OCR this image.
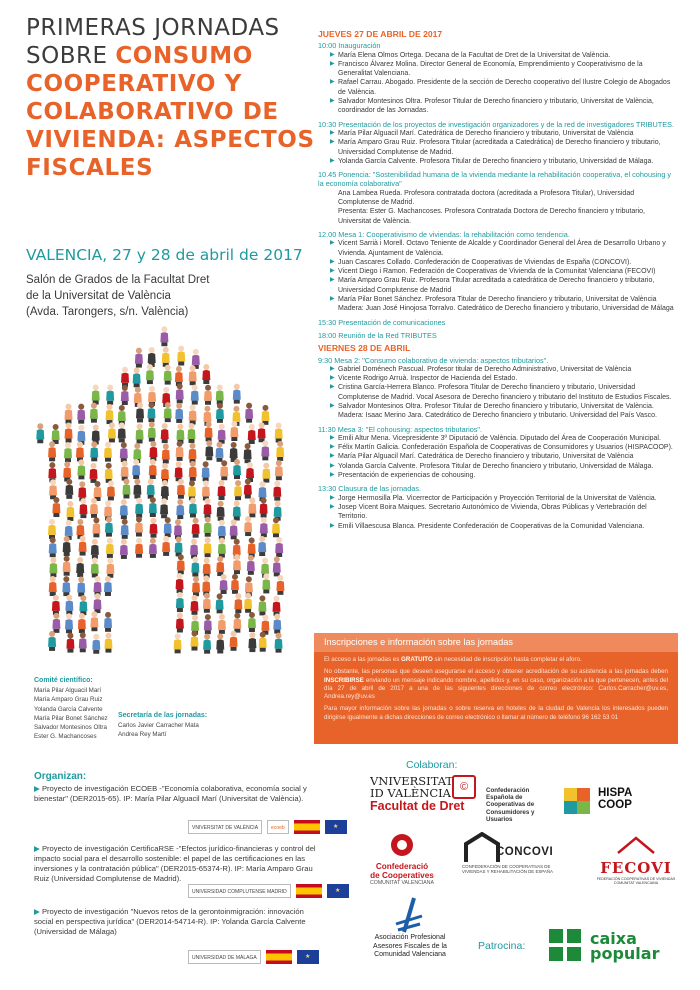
PRIMERAS JORNADAS
SOBRE CONSUMO
COOPERATIVO Y
COLABORATIVO DE
VIVIENDA: ASPECTOS
FISCALES
VALENCIA, 27 y 28 de abril de 2017
Salón de Grados de la Facultat Dret
de la Universitat de València
(Avda. Tarongers, s/n. València)
Comité científico:
María Pilar Alguacil Marí
María Amparo Grau Ruiz
Yolanda García Calvente
María Pilar Bonet Sánchez
Salvador Montesinos Oltra
Ester G. Machancoses
Secretaría de las jornadas:
Carlos Javier Carracher Mata
Andrea Rey Martí
Organizan:
▶ Proyecto de investigación ECOEB -"Economía colaborativa, economía social y bienestar" (DER2015-65). IP: María Pilar Alguacil Marí (Universitat de València).
VNIVERSITAT DE VALÈNCIA	ecoeb	★
▶ Proyecto de investigación CertificaRSE -"Efectos jurídico-financieras y control del impacto social para el desarrollo sostenible: el papel de las certificaciones en las inversiones y la contratación pública" (DER2015-65374-R). IP: María Amparo Grau Ruiz (Universidad Complutense de Madrid).
UNIVERSIDAD COMPLUTENSE MADRID	★
▶ Proyecto de investigación "Nuevos retos de la gerontoinmigración: innovación social en perspectiva jurídica" (DER2014-54714-R). IP: Yolanda García Calvente (Universidad de Málaga)
UNIVERSIDAD DE MÁLAGA	★
JUEVES 27 DE ABRIL DE 2017
10:00 Inauguración
▶ María Elena Olmos Ortega. Decana de la Facultat de Dret de la Universitat de València.
▶ Francisco Álvarez Molina. Director General de Economía, Emprendimiento y Cooperativismo de la Generalitat Valenciana.
▶ Rafael Carrau. Abogado. Presidente de la sección de Derecho cooperativo del Ilustre Colegio de Abogados de València.
▶ Salvador Montesinos Oltra. Profesor Titular de Derecho financiero y tributario, Universitat de València, coordinador de las Jornadas.
10:30 Presentación de los proyectos de investigación organizadores y de la red de investigadores TRIBUTES.
▶ María Pilar Alguacil Marí. Catedrática de Derecho financiero y tributario, Universitat de València
▶ María Amparo Grau Ruiz. Profesora Titular (acreditada a Catedrática) de Derecho financiero y tributario, Universidad Complutense de Madrid.
▶ Yolanda García Calvente. Profesora Titular de Derecho financiero y tributario, Universidad de Málaga.
10.45 Ponencia: "Sostenibilidad humana de la vivienda mediante la rehabilitación cooperativa, el cohousing y la economía colaborativa"
Ana Lambea Rueda. Profesora contratada doctora (acreditada a Profesora Titular), Universidad Complutense de Madrid.
Presenta: Ester G. Machancoses. Profesora Contratada Doctora de Derecho financiero y tributario, Universitat de València.
12.00 Mesa 1: Cooperativismo de viviendas: la rehabilitación como tendencia.
▶ Vicent Sarrià i Morell. Octavo Teniente de Alcalde y Coordinador General del Área de Desarrollo Urbano y Vivienda. Ajuntament de València.
▶ Juan Cascares Collado. Confederación de Cooperativas de Viviendas de España (CONCOVI).
▶ Vicent Diego i Ramon. Federación de Cooperativas de Vivienda de la Comunitat Valenciana (FECOVI)
▶ María Amparo Grau Ruiz. Profesora Titular acreditada a catedrática de Derecho financiero y tributario, Universidad Complutense de Madrid
▶ María Pilar Bonet Sánchez. Profesora Titular de Derecho financiero y tributario, Universitat de València
Madera: Juan José Hinojosa Torralvo. Catedrático de Derecho financiero y tributario, Universidad de Málaga
15:30 Presentación de comunicaciones
18:00 Reunión de la Red TRIBUTES
VIERNES 28 DE ABRIL
9:30 Mesa 2: "Consumo colaborativo de vivienda: aspectos tributarios".
▶ Gabriel Doménech Pascual. Profesor titular de Derecho Administrativo, Universitat de València
▶ Vicente Rodrigo Arruà. Inspector de Hacienda del Estado.
▶ Cristina García-Herrera Blanco. Profesora Titular de Derecho financiero y tributario, Universidad Complutense de Madrid. Vocal Asesora de Derecho financiero y tributario del Instituto de Estudios Fiscales.
▶ Salvador Montesinos Oltra. Profesor Titular de Derecho financiero y tributario, Universitat de València.
Madera: Isaac Merino Jara. Catedrático de Derecho financiero y tributario. Universidad del País Vasco.
11:30 Mesa 3: "El cohousing: aspectos tributarios".
▶ Emili Altur Mena. Vicepresidente 3º Diputació de València. Diputado del Área de Cooperación Municipal.
▶ Félix Martín Galicia. Confederación Española de Cooperativas de Consumidores y Usuarios (HISPACOOP).
▶ María Pilar Alguacil Marí. Catedrática de Derecho financiero y tributario, Universitat de València
▶ Yolanda García Calvente. Profesora Titular de Derecho financiero y tributario, Universidad de Málaga.
▶ Presentación de experiencias de cohousing.
13:30 Clausura de las jornadas.
▶ Jorge Hermosilla Pla. Vicerrector de Participación y Proyección Territorial de la Universitat de València.
▶ Josep Vicent Boira Maiques. Secretario Autonómico de Vivienda, Obras Públicas y Vertebración del Territorio.
▶ Emili Villaescusa Blanca. Presidente Confederación de Cooperativas de la Comunidad Valenciana.
Inscripciones e información sobre las jornadas

El acceso a las jornadas es GRATUITO sin necesidad de inscripción hasta completar el aforo.

No obstante, las personas que deseen asegurarse el acceso y obtener acreditación de su asistencia a las jornadas deben INSCRIBIRSE enviando un mensaje indicando nombre, apellidos y, en su caso, organización a la que pertenecen, antes del día 27 de abril de 2017 a una de las siguientes direcciones de correo electrónico: Carlos.Carracher@uv.es, Andrea.rey@uv.es

Para mayor información sobre las jornadas o sobre reserva en hoteles de la ciudad de Valencia los interesados pueden dirigirse igualmente a dichas direcciones de correo electrónico o llamar al número de teléfono 96 162 53 01

Colaboran:
VNIVERSITAT
ID VALÈNCIA
Facultat de Dret
©	Confederación Española de Cooperativas de Consumidores y Usuarios
HISPA
COOP
Confederació
de Cooperatives
COMUNITAT VALENCIANA
CONCOVI
CONFEDERACIÓN DE COOPERATIVAS DE VIVIENDAS Y REHABILITACIÓN DE ESPAÑA	FECOVI
FEDERACIÓN COOPERATIVAS DE VIVIENDAS COMUNITAT VALENCIANA
Asociación Profesional
Asesores Fiscales de la
Comunidad Valenciana
Patrocina:	caixa
popular
